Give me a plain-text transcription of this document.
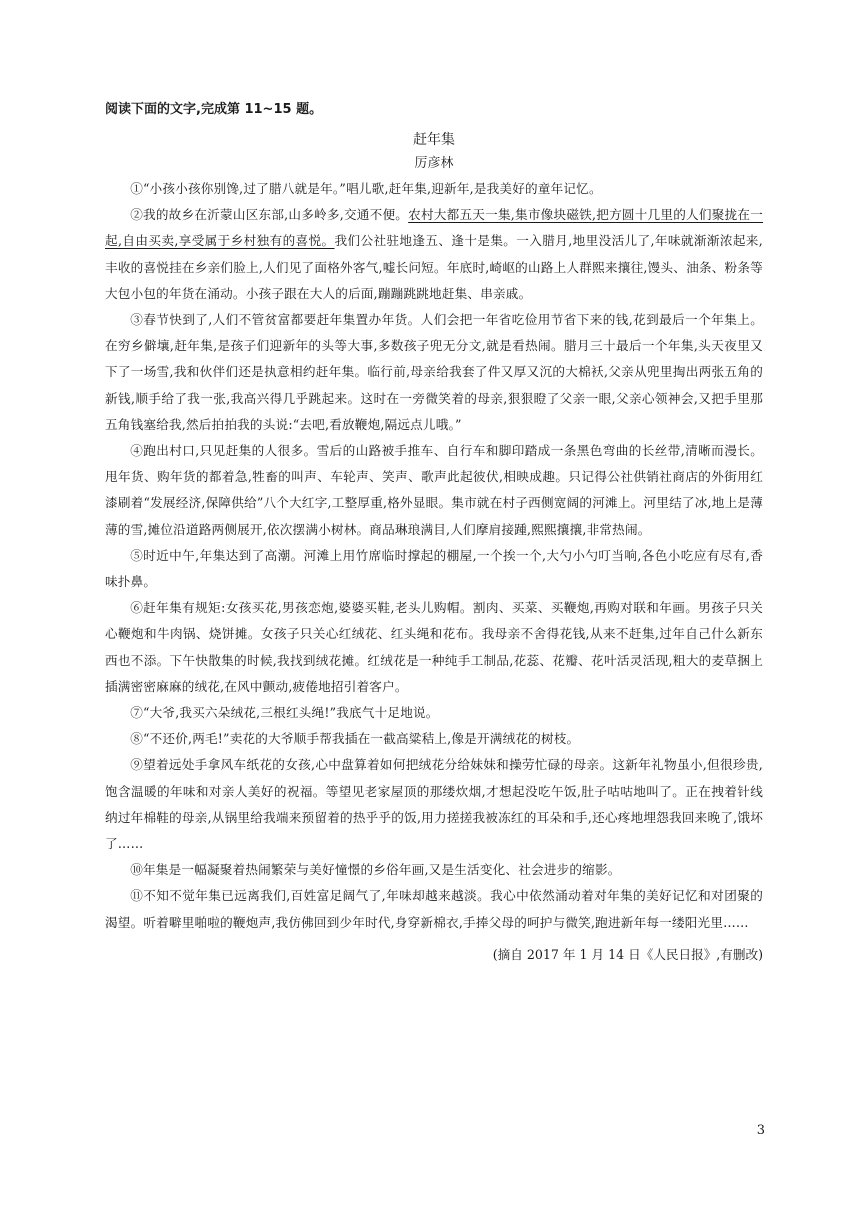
阅读下面的文字,完成第 11~15 题。

赶年集
厉彦林

①“小孩小孩你别馋,过了腊八就是年。”唱儿歌,赶年集,迎新年,是我美好的童年记忆。

②我的故乡在沂蒙山区东部,山多岭多,交通不便。农村大都五天一集,集市像块磁铁,把方圆十几里的人们聚拢在一起,自由买卖,享受属于乡村独有的喜悦。我们公社驻地逢五、逢十是集。一入腊月,地里没活儿了,年味就渐渐浓起来,丰收的喜悦挂在乡亲们脸上,人们见了面格外客气,嘘长问短。年底时,崎岖的山路上人群熙来攘往,馒头、油条、粉条等大包小包的年货在涌动。小孩子跟在大人的后面,蹦蹦跳跳地赶集、串亲戚。

③春节快到了,人们不管贫富都要赶年集置办年货。人们会把一年省吃俭用节省下来的钱,花到最后一个年集上。在穷乡僻壤,赶年集,是孩子们迎新年的头等大事,多数孩子兜无分文,就是看热闹。腊月三十最后一个年集,头天夜里又下了一场雪,我和伙伴们还是执意相约赶年集。临行前,母亲给我套了件又厚又沉的大棉袄,父亲从兜里掏出两张五角的新钱,顺手给了我一张,我高兴得几乎跳起来。这时在一旁微笑着的母亲,狠狠瞪了父亲一眼,父亲心领神会,又把手里那五角钱塞给我,然后拍拍我的头说:“去吧,看放鞭炮,隔远点儿哦。”

④跑出村口,只见赶集的人很多。雪后的山路被手推车、自行车和脚印踏成一条黑色弯曲的长丝带,清晰而漫长。甩年货、购年货的都着急,牲畜的叫声、车轮声、笑声、歌声此起彼伏,相映成趣。只记得公社供销社商店的外街用红漆刷着“发展经济,保障供给”八个大红字,工整厚重,格外显眼。集市就在村子西侧宽阔的河滩上。河里结了冰,地上是薄薄的雪,摊位沿道路两侧展开,依次摆满小树林。商品琳琅满目,人们摩肩接踵,熙熙攘攘,非常热闹。

⑤时近中午,年集达到了高潮。河滩上用竹席临时撑起的棚屋,一个挨一个,大勺小勺叮当响,各色小吃应有尽有,香味扑鼻。

⑥赶年集有规矩:女孩买花,男孩恋炮,婆婆买鞋,老头儿购帽。割肉、买菜、买鞭炮,再购对联和年画。男孩子只关心鞭炮和牛肉锅、烧饼摊。女孩子只关心红绒花、红头绳和花布。我母亲不舍得花钱,从来不赶集,过年自己什么新东西也不添。下午快散集的时候,我找到绒花摊。红绒花是一种纯手工制品,花蕊、花瓣、花叶活灵活现,粗大的麦草捆上插满密密麻麻的绒花,在风中颤动,疲倦地招引着客户。

⑦“大爷,我买六朵绒花,三根红头绳!”我底气十足地说。

⑧“不还价,两毛!”卖花的大爷顺手帮我插在一截高粱秸上,像是开满绒花的树枝。

⑨望着远处手拿风车纸花的女孩,心中盘算着如何把绒花分给妹妹和操劳忙碌的母亲。这新年礼物虽小,但很珍贵,饱含温暖的年味和对亲人美好的祝福。等望见老家屋顶的那缕炊烟,才想起没吃午饭,肚子咕咕地叫了。正在拽着针线纳过年棉鞋的母亲,从锅里给我端来预留着的热乎乎的饭,用力搓搓我被冻红的耳朵和手,还心疼地埋怨我回来晚了,饿坏了……

⑩年集是一幅凝聚着热闹繁荣与美好憧憬的乡俗年画,又是生活变化、社会进步的缩影。

⑪不知不觉年集已远离我们,百姓富足阔气了,年味却越来越淡。我心中依然涌动着对年集的美好记忆和对团聚的渴望。听着噼里啪啦的鞭炮声,我仿佛回到少年时代,身穿新棉衣,手捧父母的呵护与微笑,跑进新年每一缕阳光里……

(摘自 2017 年 1 月 14 日《人民日报》,有删改)
3
